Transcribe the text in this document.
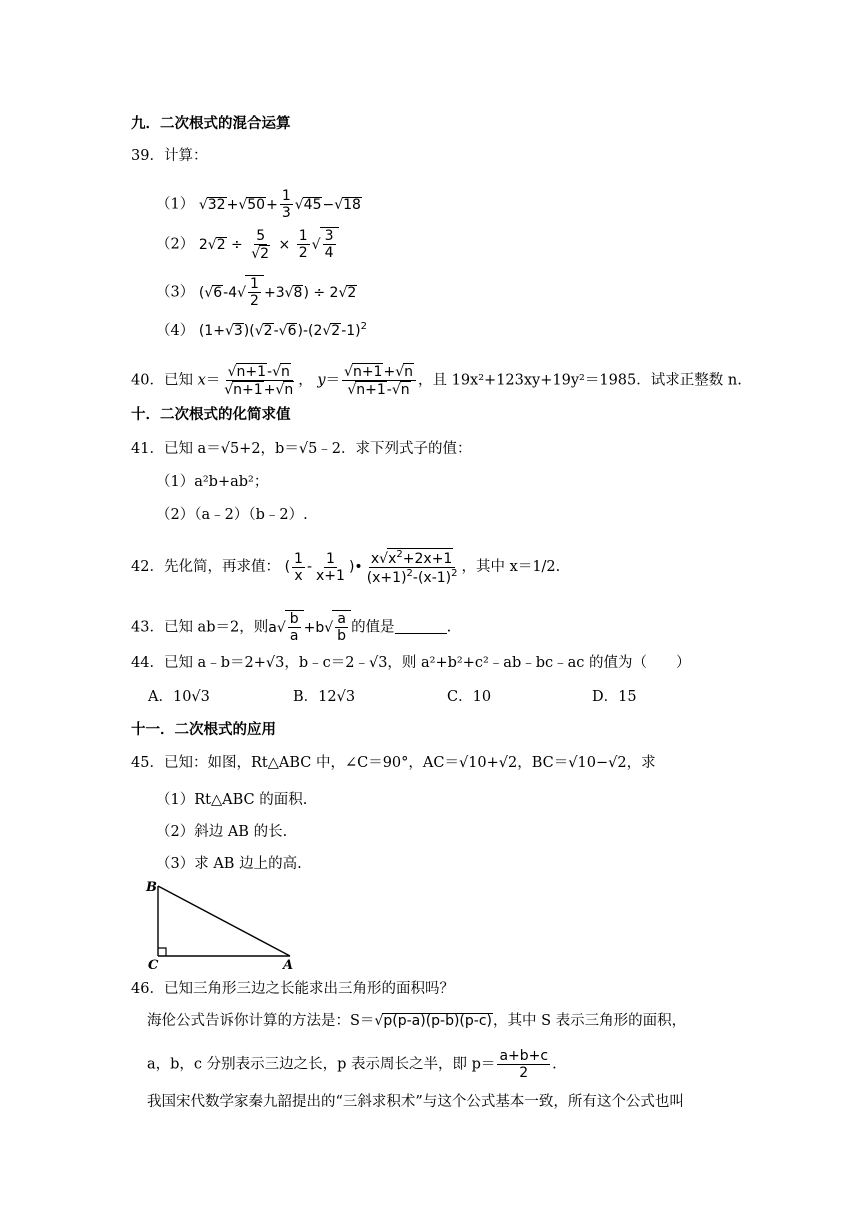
九．二次根式的混合运算
39．计算：
（1） $√32+√50+ \frac{1}{3} √45-√18$
（2） $2√2 \div \frac{5}{√2} \times \frac{1}{2}$ √ $\frac{3}{4}$
（3） $(√6-4√ \frac{1}{2} +3√8) \div 2√2$
（4） $(1+√3)(√2-√6)-(2√2-1)^2$
40．已知 $x= \frac{√n+1-√n}{√n+1+√n}$ ， $y= \frac{√n+1+√n}{√n+1-√n}$ ，且 19x²+123xy+19y²＝1985．试求正整数 n.
十．二次根式的化简求值
41．已知 a＝√5+2，b＝√5﹣2．求下列式子的值：
（1）a²b+ab²；
（2）（a﹣2）（b﹣2）.
42．先化简，再求值： ( $\frac{1}{x} - \frac{1}{x+1}$ )• $\frac{x√x^2+2x+1}{(x+1)^2-(x-1)^2}$ ，其中 x＝1/2.
43．已知 ab＝2，则$a√ \frac{b}{a} +b√ \frac{a}{b}$ 的值是	.
44．已知 a﹣b＝2+√3，b﹣c＝2﹣√3，则 a²+b²+c²﹣ab﹣bc﹣ac 的值为（　　）
A．10√3	B．12√3	C．10	D．15
十一．二次根式的应用
45．已知：如图，Rt△ABC 中，∠C＝90°，AC＝√10+√2，BC＝√10−√2，求
（1）Rt△ABC 的面积.
（2）斜边 AB 的长.
（3）求 AB 边上的高.
B
C	A
46．已知三角形三边之长能求出三角形的面积吗？
海伦公式告诉你计算的方法是：S＝√p(p-a)(p-b)(p-c)，其中 S 表示三角形的面积，
a，b，c 分别表示三边之长，p 表示周长之半，即 $p= \frac{a+b+c}{2}$ .
我国宋代数学家秦九韶提出的“三斜求积术”与这个公式基本一致，所有这个公式也叫
